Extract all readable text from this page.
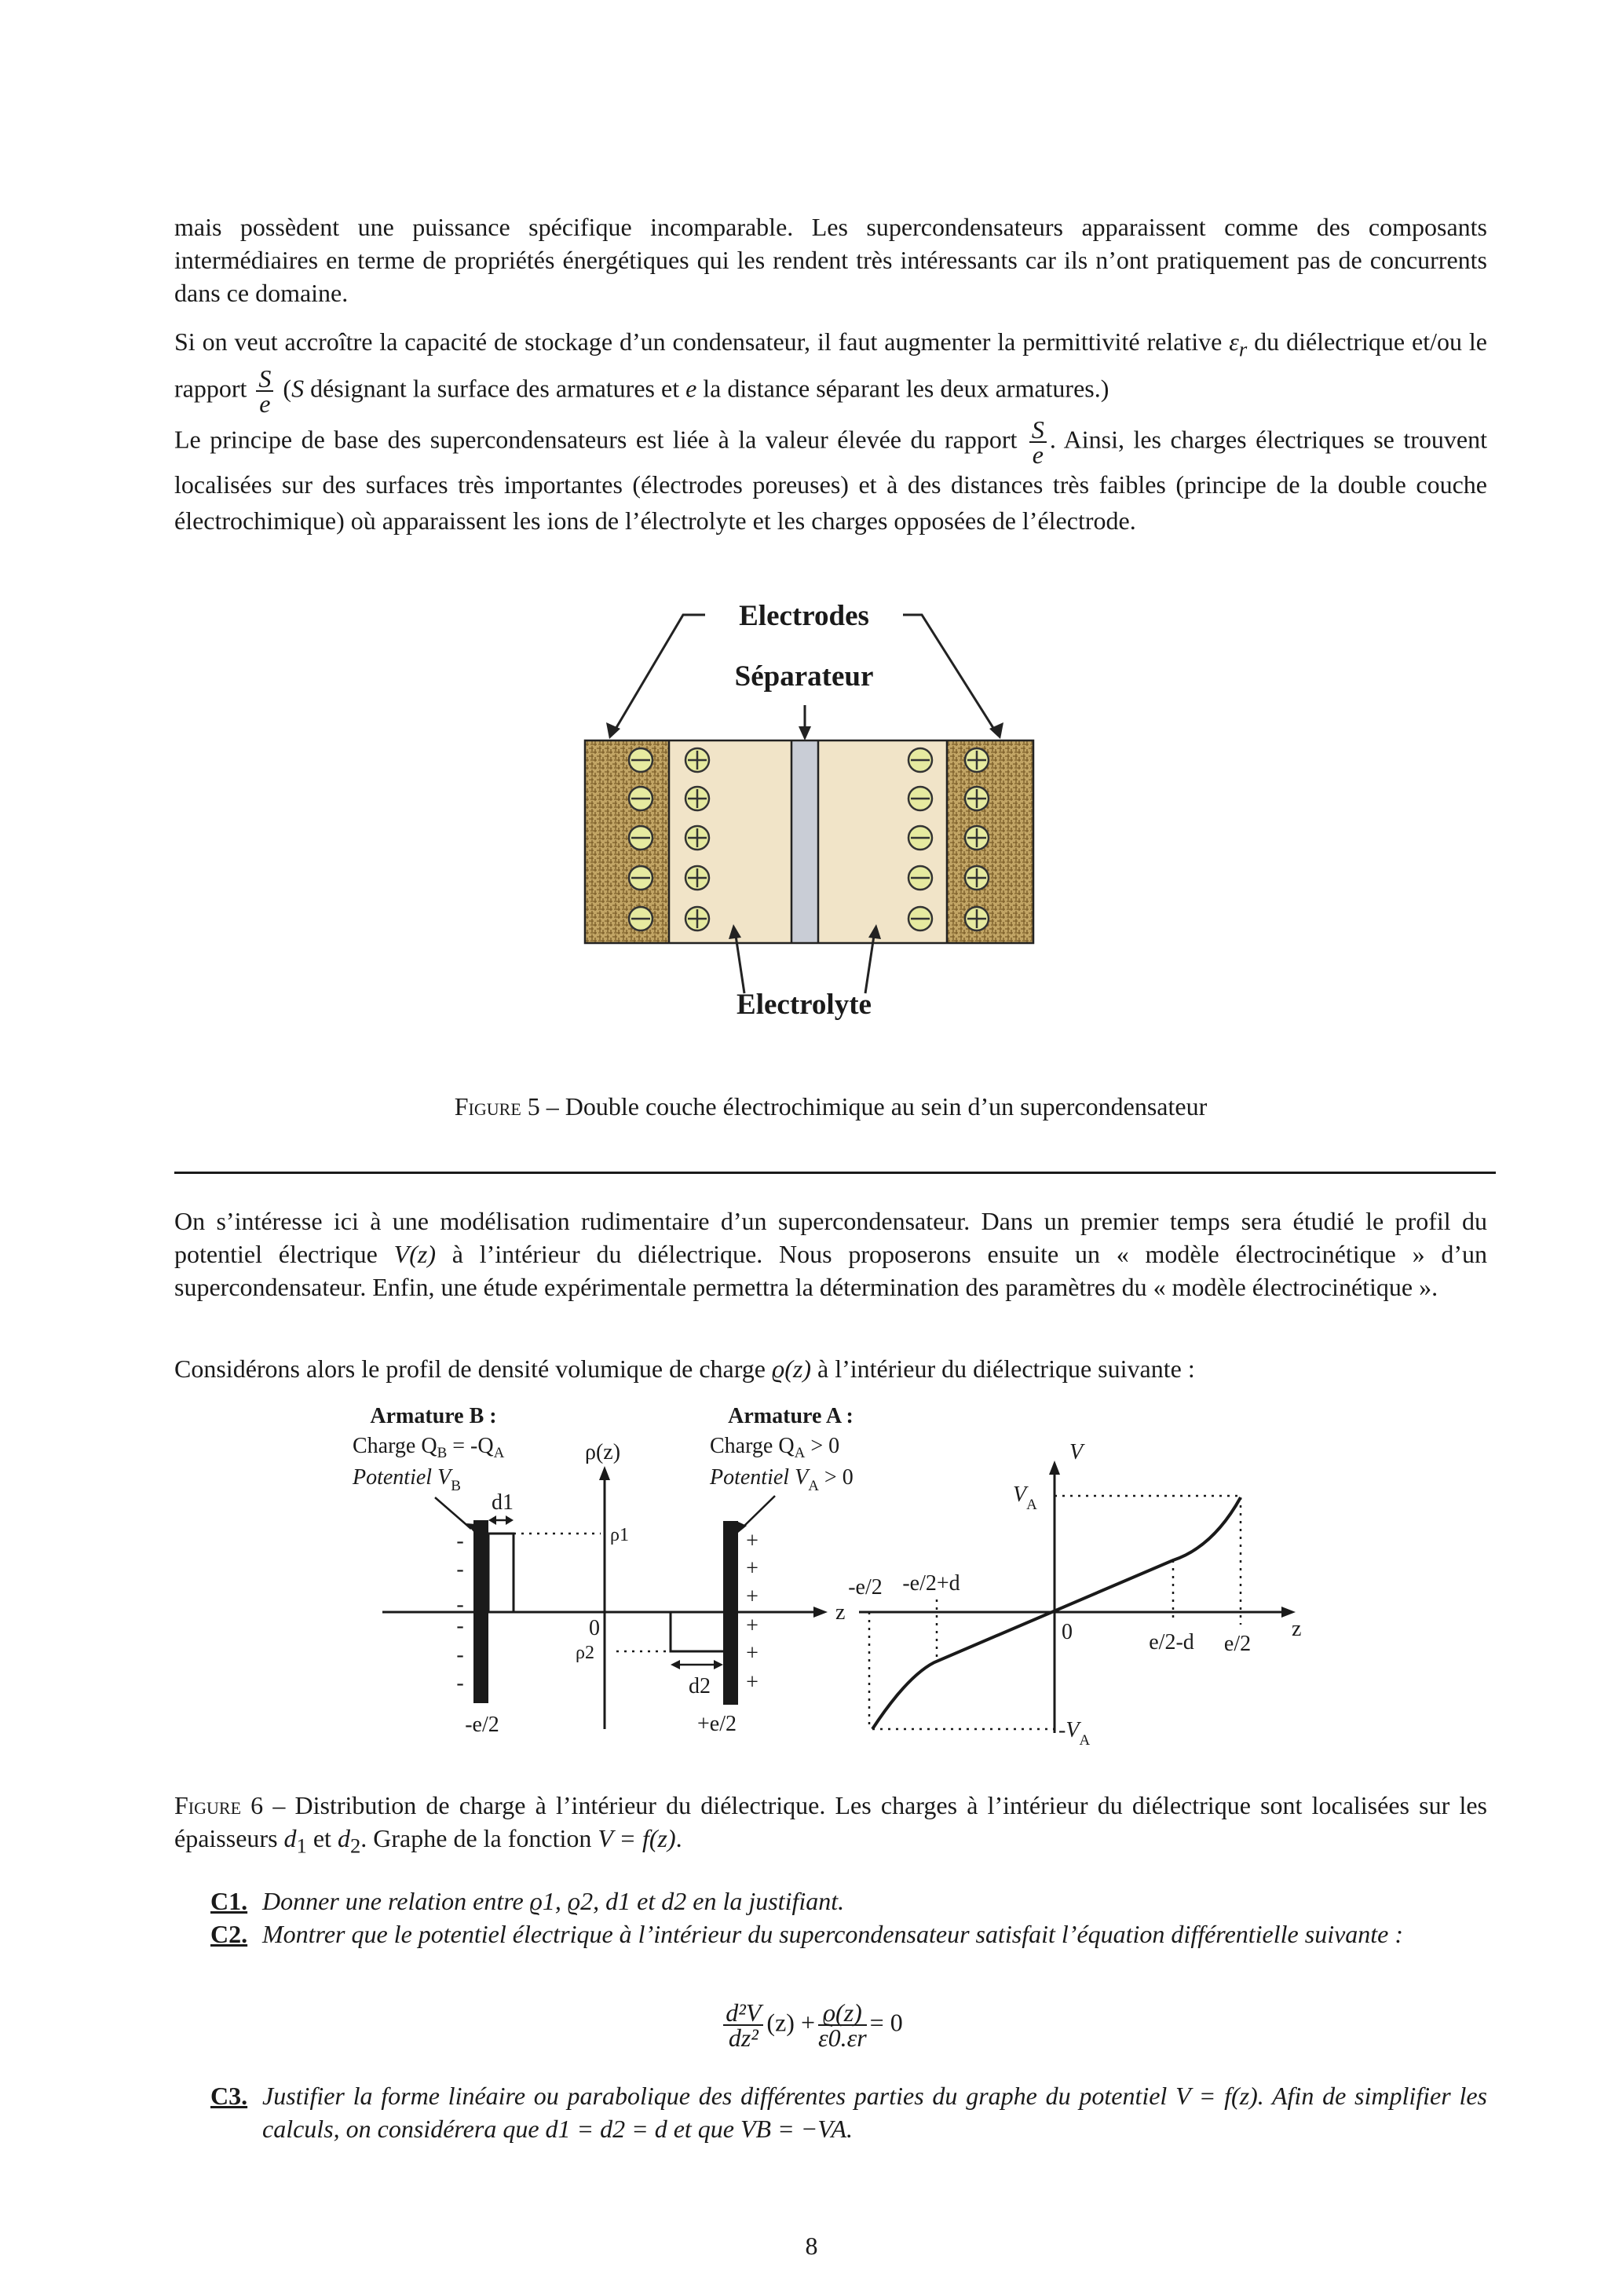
mais possèdent une puissance spécifique incomparable. Les supercondensateurs apparaissent comme des composants intermédiaires en terme de propriétés énergétiques qui les rendent très intéressants car ils n’ont pratiquement pas de concurrents dans ce domaine.
Si on veut accroître la capacité de stockage d’un condensateur, il faut augmenter la permittivité relative $\varepsilon_r$ du diélectrique et/ou le rapport $\frac{S}{e} (S$ désignant la surface des armatures et e la distance séparant les deux armatures.)
Le principe de base des supercondensateurs est liée à la valeur élevée du rapport $\frac{S}{e}$ . Ainsi, les charges électriques se trouvent localisées sur des surfaces très importantes (électrodes poreuses) et à des distances très faibles (principe de la double couche électrochimique) où apparaissent les ions de l’électrolyte et les charges opposées de l’électrode.
Electrodes
Séparateur
Electrolyte
Figure 5 – Double couche électrochimique au sein d’un supercondensateur
On s’intéresse ici à une modélisation rudimentaire d’un supercondensateur. Dans un premier temps sera étudié le profil du potentiel électrique V(z) à l’intérieur du diélectrique. Nous proposerons ensuite un « modèle électrocinétique » d’un supercondensateur. Enfin, une étude expérimentale permettra la détermination des paramètres du « modèle électrocinétique ».
Considérons alors le profil de densité volumique de charge ϱ(z) à l’intérieur du diélectrique suivante :
-
-
-
-
-
-
+
+
+
+
+
+
Armature B :
Charge $Q_B = -Q_A$
Potentiel $V_B$
Armature A :
Charge $Q_A > 0$
Potentiel $V_A > 0$
ρ(z)
ρ1
ρ2
d1
d2
0
z
-e/2	+e/2
V
$V_A$
$-V_A$
-e/2 -e/2+d
e/2-d e/2
0	z
Figure 6 – Distribution de charge à l’intérieur du diélectrique. Les charges à l’intérieur du diélectrique sont localisées sur les épaisseurs $d_1$ et $d_2$. Graphe de la fonction V = f(z).
C1. Donner une relation entre ϱ1, ϱ2, d1 et d2 en la justifiant.
C2. Montrer que le potentiel électrique à l’intérieur du supercondensateur satisfait l’équation différentielle suivante :
$\frac{\text{d²V}}{\text{dz²}} (z) + \frac{ϱ(z)}{\varepsilon 0.\varepsilon r} = 0$
C3. Justifier la forme linéaire ou parabolique des différentes parties du graphe du potentiel V = f(z). Afin de simplifier les calculs, on considérera que d1 = d2 = d et que VB = −VA.
8
